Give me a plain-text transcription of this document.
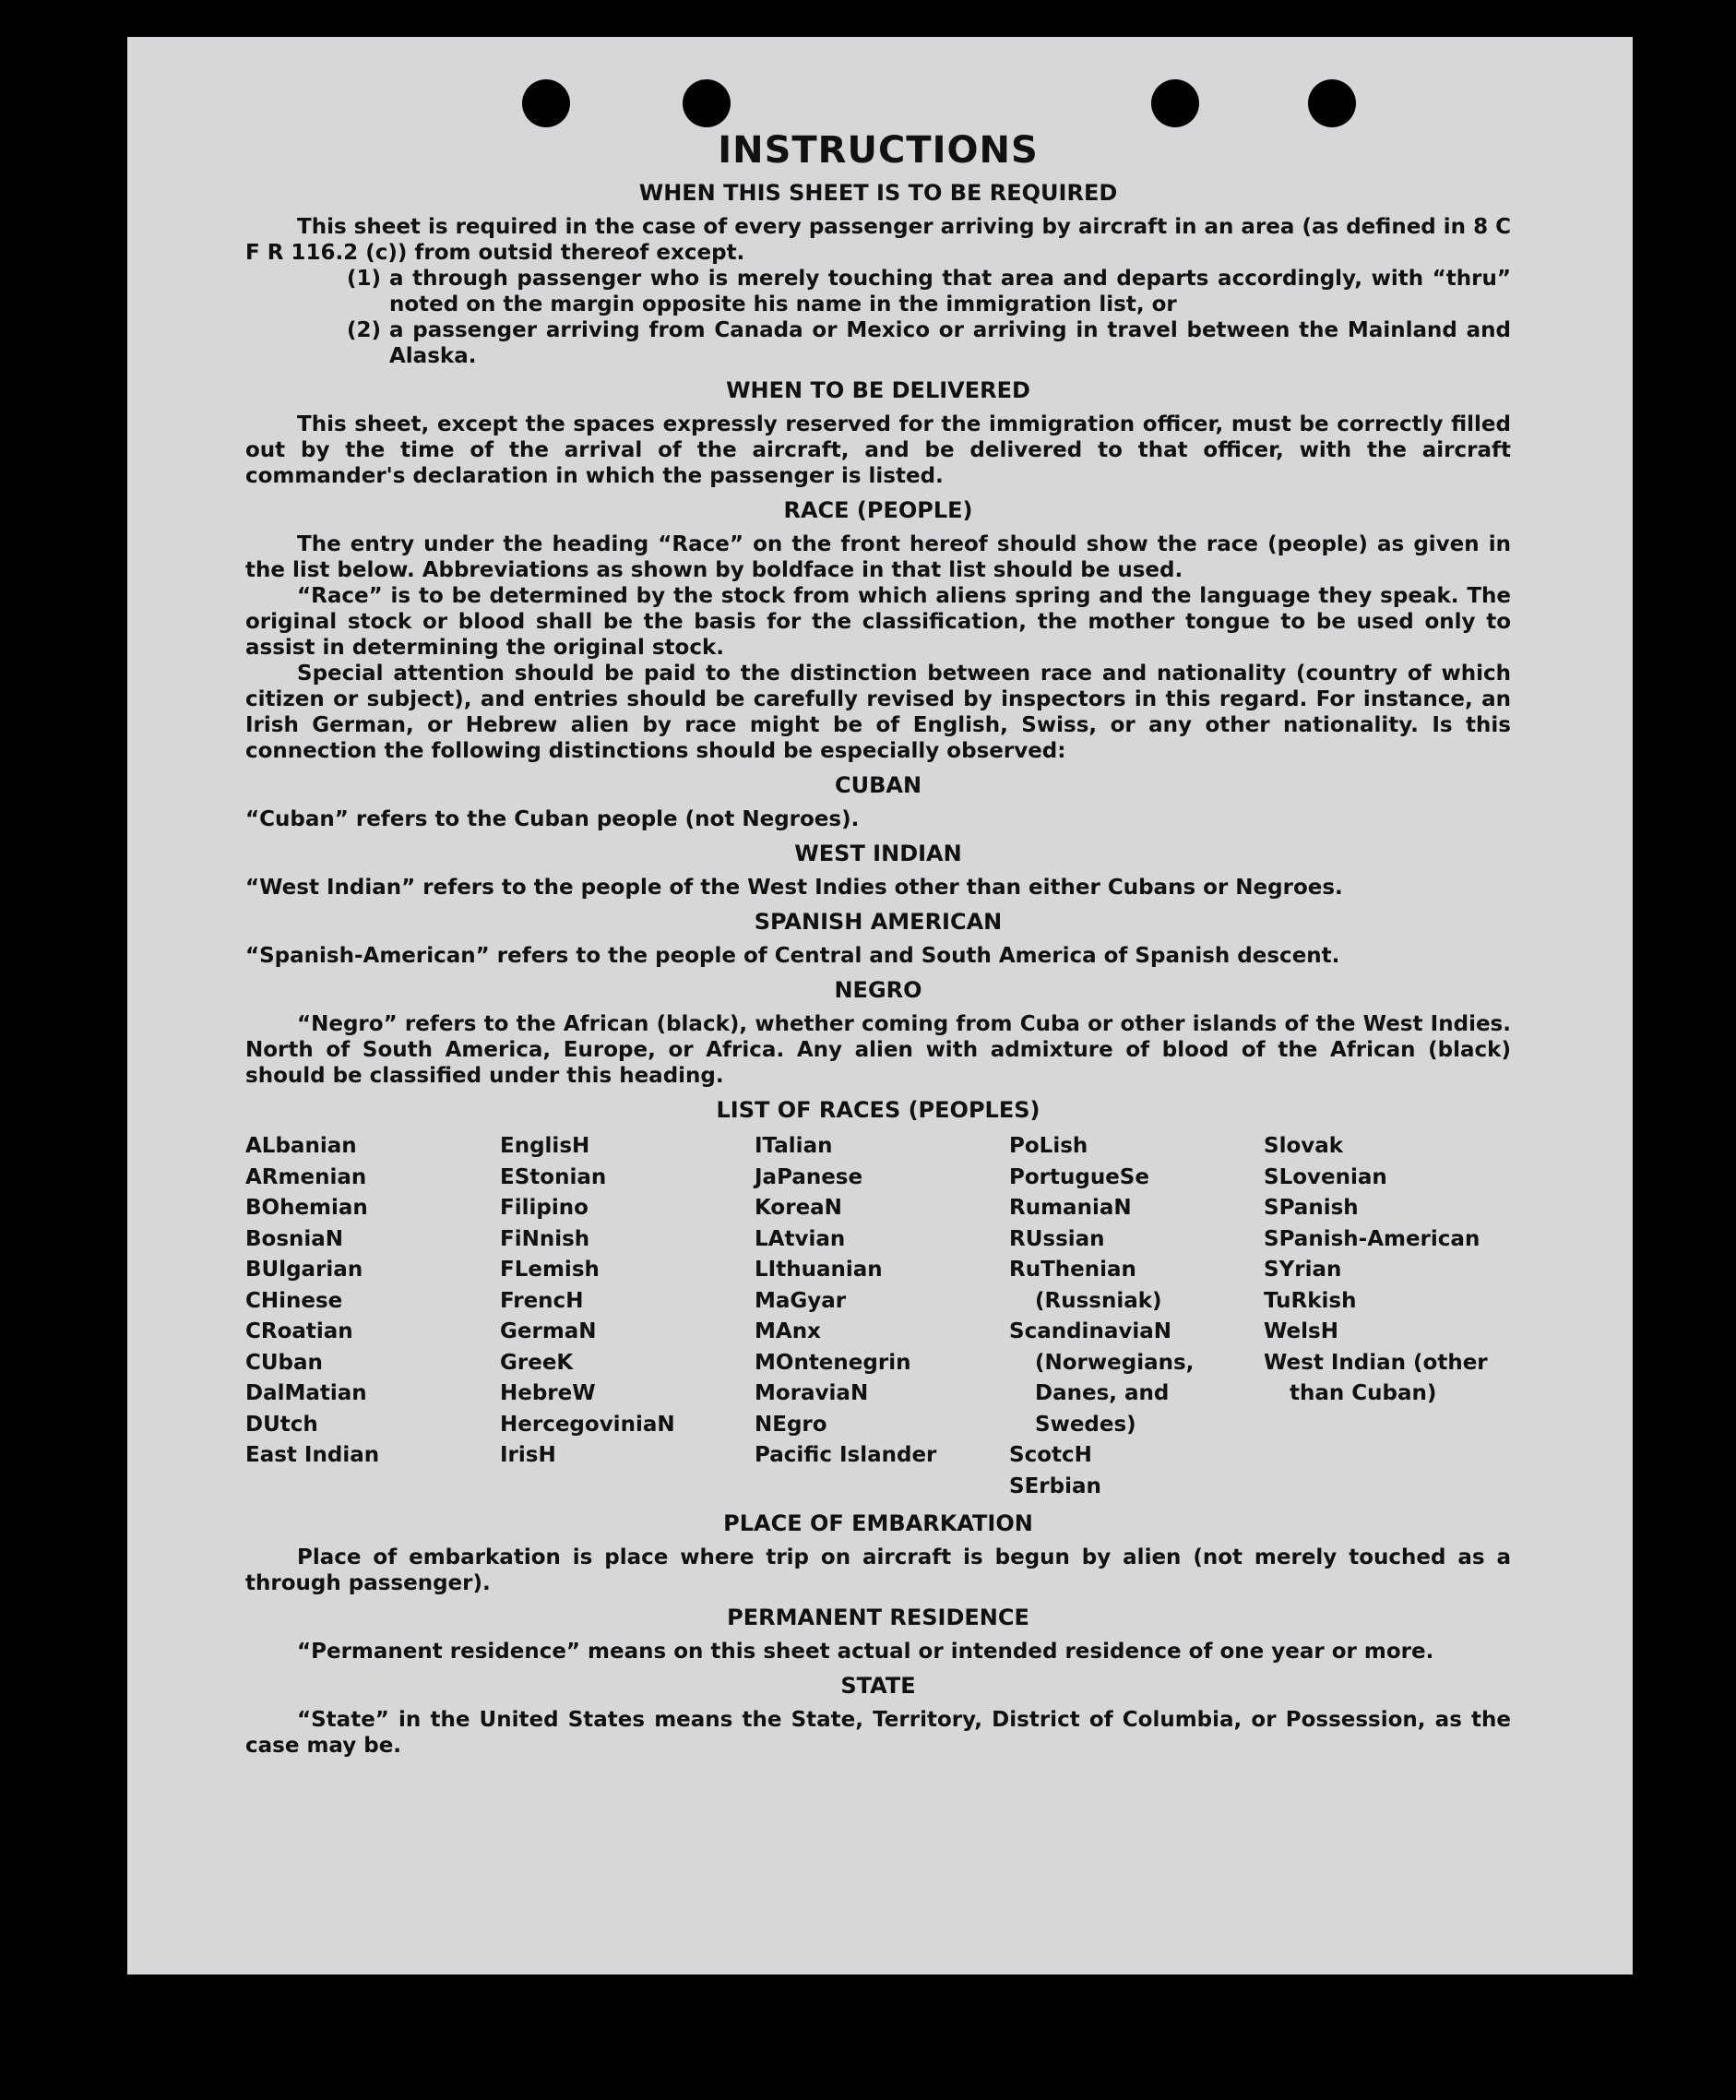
INSTRUCTIONS
WHEN THIS SHEET IS TO BE REQUIRED

This sheet is required in the case of every passenger arriving by aircraft in an area (as defined in 8 C F R 116.2 (c)) from outsid thereof except.

(1) a through passenger who is merely touching that area and departs accordingly, with “thru” noted on the margin opposite his name in the immigration list, or
(2) a passenger arriving from Canada or Mexico or arriving in travel between the Mainland and Alaska.
WHEN TO BE DELIVERED

This sheet, except the spaces expressly reserved for the immigration officer, must be correctly filled out by the time of the arrival of the aircraft, and be delivered to that officer, with the aircraft commander's declaration in which the passenger is listed.

RACE (PEOPLE)

The entry under the heading “Race” on the front hereof should show the race (people) as given in the list below. Abbreviations as shown by boldface in that list should be used.

“Race” is to be determined by the stock from which aliens spring and the language they speak. The original stock or blood shall be the basis for the classification, the mother tongue to be used only to assist in determining the original stock.

Special attention should be paid to the distinction between race and nationality (country of which citizen or subject), and entries should be carefully revised by inspectors in this regard. For instance, an Irish German, or Hebrew alien by race might be of English, Swiss, or any other nationality. Is this connection the following distinctions should be especially observed:

CUBAN

“Cuban” refers to the Cuban people (not Negroes).

WEST INDIAN

“West Indian” refers to the people of the West Indies other than either Cubans or Negroes.

SPANISH AMERICAN

“Spanish-American” refers to the people of Central and South America of Spanish descent.

NEGRO

“Negro” refers to the African (black), whether coming from Cuba or other islands of the West Indies. North of South America, Europe, or Africa. Any alien with admixture of blood of the African (black) should be classified under this heading.

LIST OF RACES (PEOPLES)
ALbanian
ARmenian
BOhemian
BosniaN
BUlgarian
CHinese
CRoatian
CUban
DalMatian
DUtch
East Indian
EnglisH
EStonian
Filipino
FiNnish
FLemish
FrencH
GermaN
GreeK
HebreW
HercegoviniaN
IrisH
ITalian
JaPanese
KoreaN
LAtvian
LIthuanian
MaGyar
MAnx
MOntenegrin
MoraviaN
NEgro
Pacific Islander
PoLish
PortugueSe
RumaniaN
RUssian
RuThenian (Russniak)
ScandinaviaN (Norwegians, Danes, and Swedes)
ScotcH
SErbian
Slovak
SLovenian
SPanish
SPanish-American
SYrian
TuRkish
WelsH
West Indian (other than Cuban)
PLACE OF EMBARKATION

Place of embarkation is place where trip on aircraft is begun by alien (not merely touched as a through passenger).

PERMANENT RESIDENCE

“Permanent residence” means on this sheet actual or intended residence of one year or more.

STATE

“State” in the United States means the State, Territory, District of Columbia, or Possession, as the case may be.
